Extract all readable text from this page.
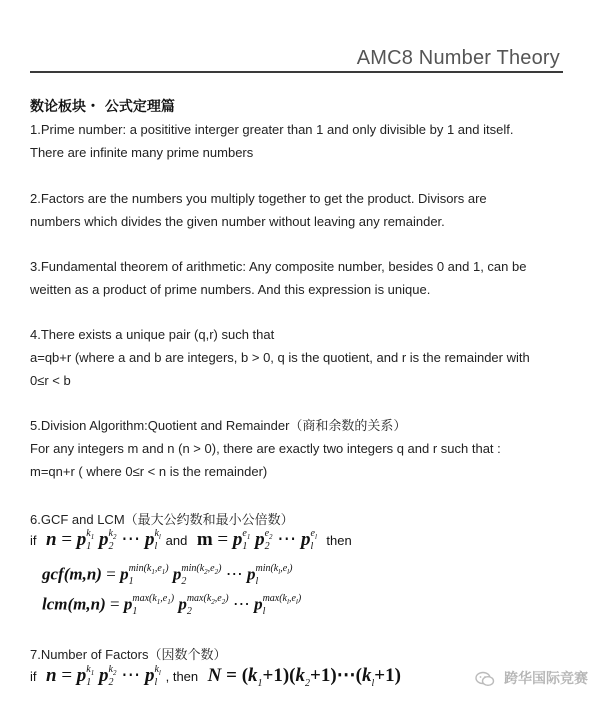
AMC8 Number Theory
数论板块・ 公式定理篇
1.Prime number: a posititive interger greater than 1 and only divisible by 1 and itself.
There are infinite many prime numbers
2.Factors are the numbers you multiply together to get the product. Divisors are
numbers which divides the given number without leaving any remainder.
3.Fundamental theorem of arithmetic: Any composite number, besides 0 and 1, can be
weitten as a product of prime numbers. And this expression is unique.
4.There exists a unique pair (q,r) such that
a=qb+r (where a and b are integers, b > 0, q is the quotient, and r is the remainder with
0≤r < b
5.Division Algorithm:Quotient and Remainder（商和余数的关系）
For any integers m and n (n > 0), there are exactly two integers q and r such that :
m=qn+r ( where 0≤r < n is the remainder)
6.GCF and LCM（最大公约数和最小公倍数）
if $n = pk_1$
1 $pk_2$
2 ⋯ $pk_l$
l and $m = pe_1$
1 $pe_2$
2 ⋯ $pe_l$
l then
$gcf(m,n) = pmin(k_1,e_1)$
1 $pmin(k_2,e_2)$
2 ⋯ $pmin(k_l,e_l)$
l
$lcm(m,n) = pmax(k_1,e_1)$
1 $pmax(k_2,e_2)$
2 ⋯ $pmax(k_l,e_l)$
l
7.Number of Factors（因数个数）
if $n = pk_1$
1 $pk_2$
2 ⋯ $pk_l$
l , then $N = (k_1+1)(k_2+1)\cdots(k_l+1)$	跨华国际竞赛
